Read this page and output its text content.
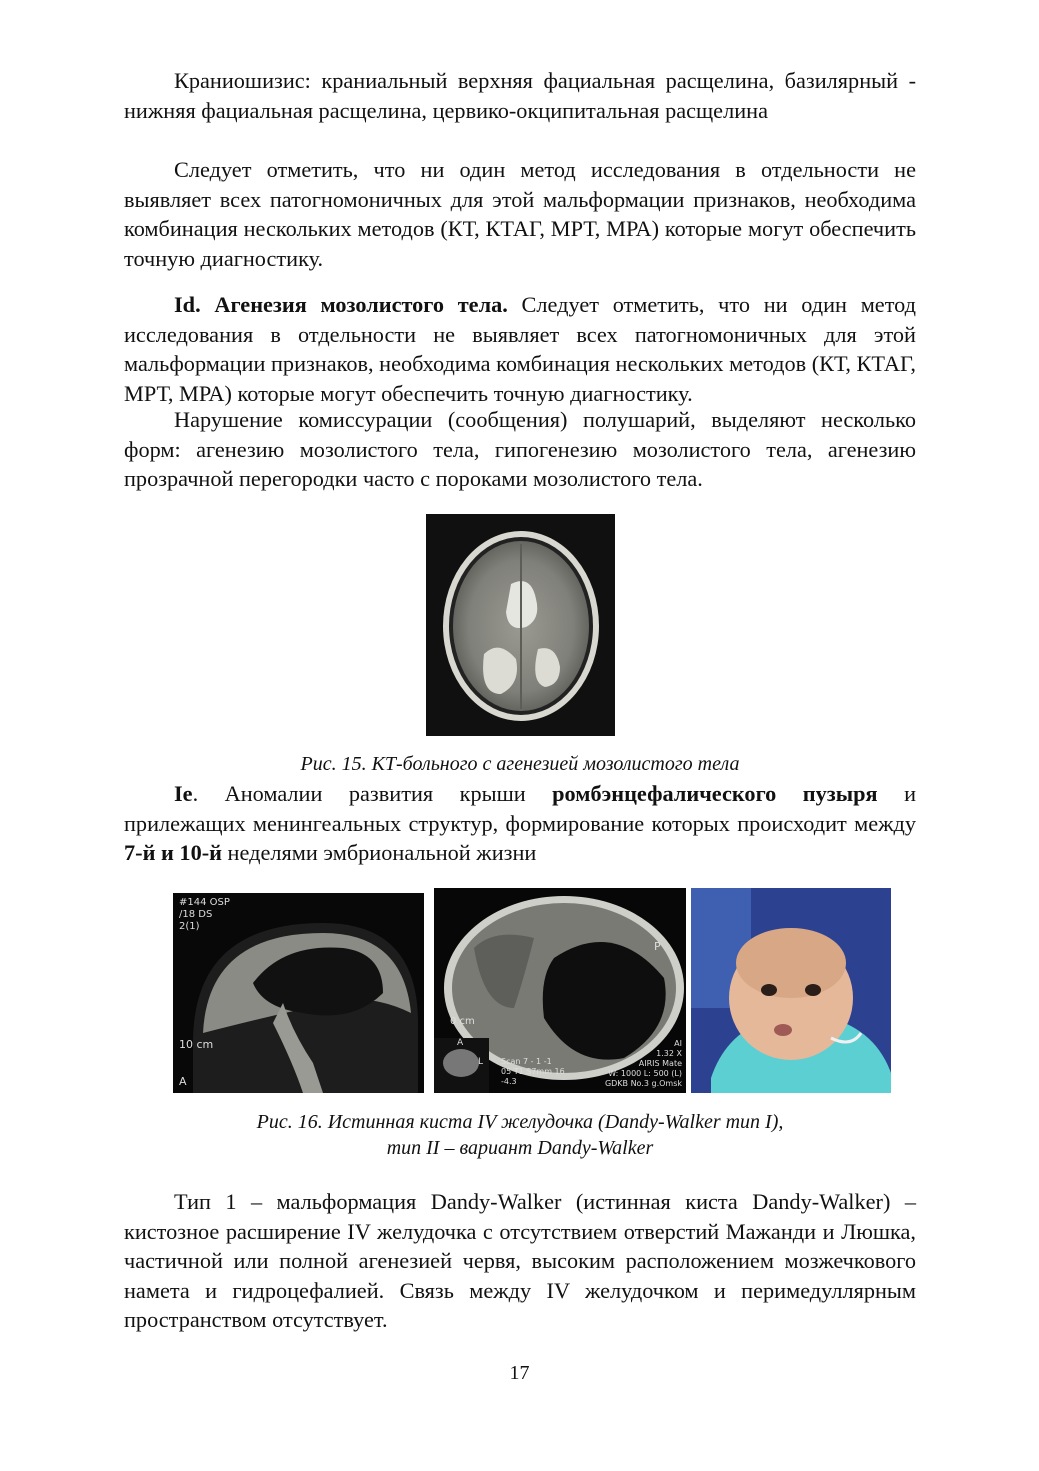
Краниошизис: краниальный верхняя фациальная расщелина, базилярный - нижняя фациальная расщелина, цервико-окципитальная расщелина

Следует отметить, что ни один метод исследования в отдельности не выявляет всех патогномоничных для этой мальформации признаков, необходима комбинация нескольких методов (КТ, КТАГ, МРТ, МРА) которые могут обеспечить точную диагностику.

Id. Агенезия мозолистого тела. Следует отметить, что ни один метод исследования в отдельности не выявляет всех патогномоничных для этой мальформации признаков, необходима комбинация нескольких методов (КТ, КТАГ, МРТ, МРА) которые могут обеспечить точную диагностику.

Нарушение комиссурации (сообщения) полушарий, выделяют несколько форм: агенезию мозолистого тела, гипогенезию мозолистого тела, агенезию прозрачной перегородки часто с пороками мозолистого тела.

Рис. 15. КТ-больного с агенезией мозолистого тела

Ie. Аномалии развития крыши ромбэнцефалического пузыря и прилежащих менингеальных структур, формирование которых происходит между 7-й и 10-й неделями эмбриональной жизни

#144 OSP
/18 DS
2(1)
10 cm
A
P
0 cm
A
L Scan 7 - 1 -1
05 T1 S7mm 16
-4.3
AI
1.32 X
AIRIS Mate
W: 1000 L: 500 (L)
GDKB No.3 g.Omsk

Рис. 16. Истинная киста IV желудочка (Dandy-Walker тип I),

тип II – вариант Dandy-Walker

Тип 1 – мальформация Dandy-Walker (истинная киста Dandy-Walker) – кистозное расширение IV желудочка с отсутствием отверстий Мажанди и Люшка, частичной или полной агенезией червя, высоким расположением мозжечкового намета и гидроцефалией. Связь между IV желудочком и перимедуллярным пространством отсутствует.

17
